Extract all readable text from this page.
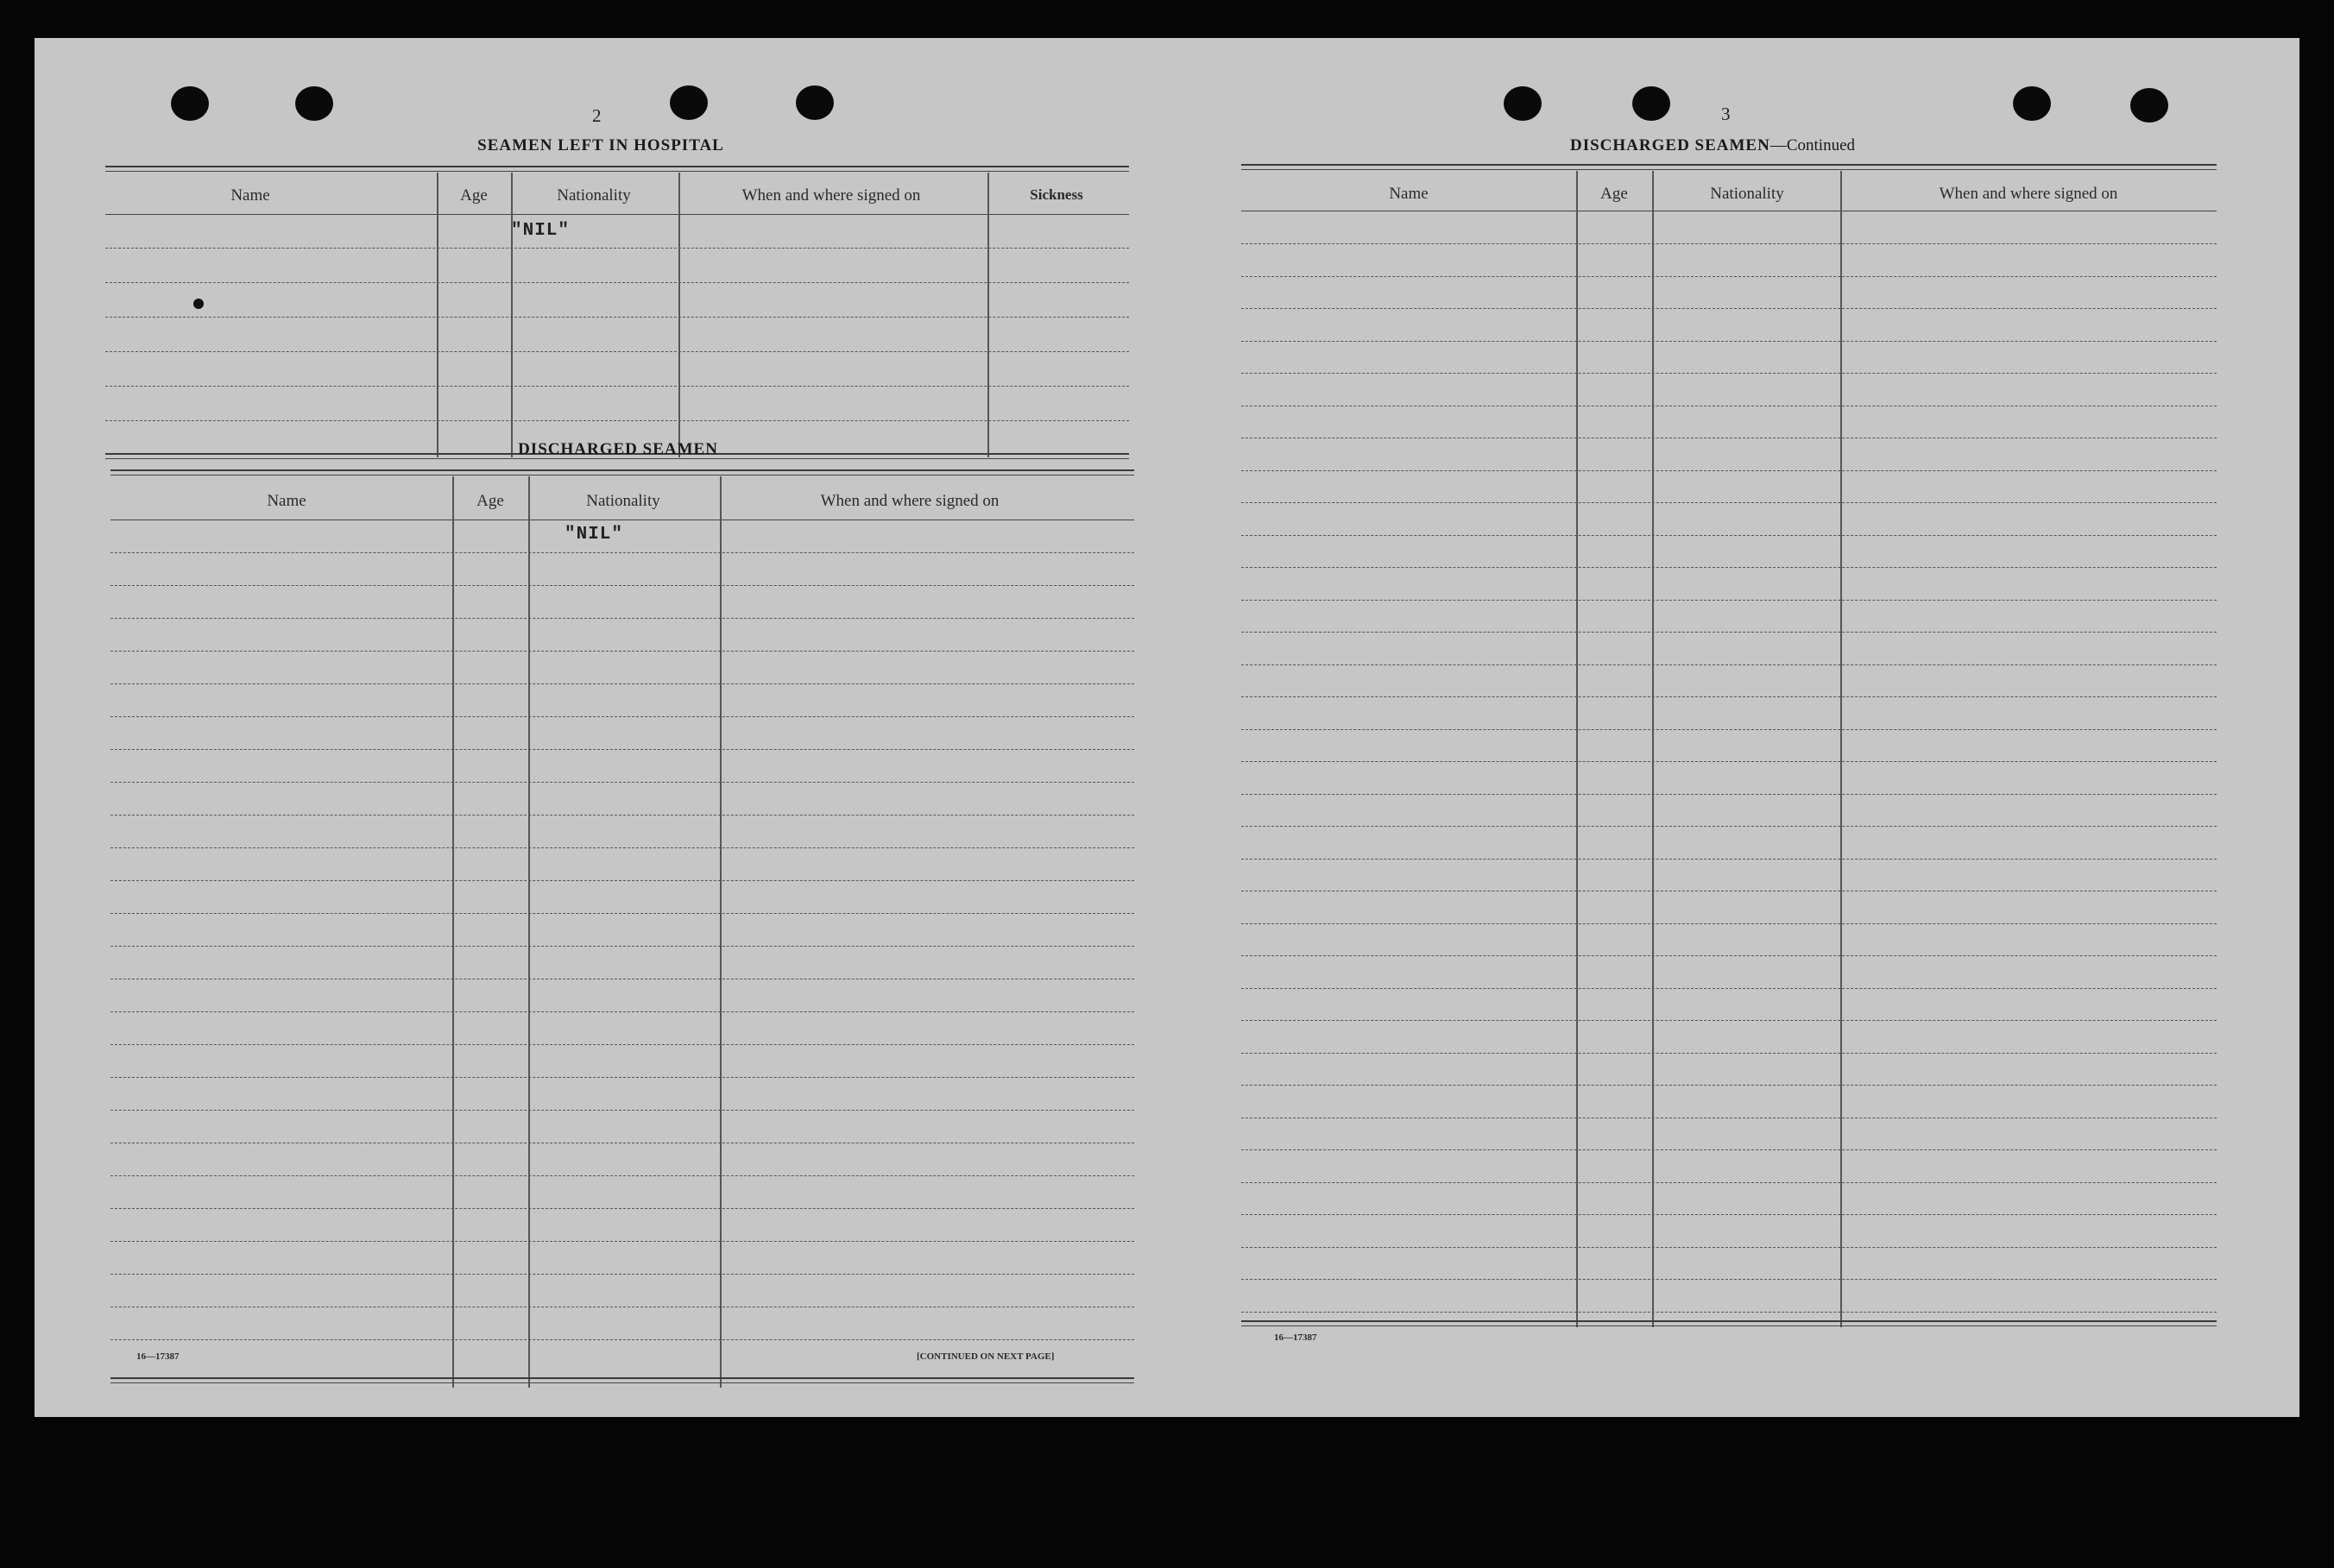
2
SEAMEN LEFT IN HOSPITAL
Name	Age	Nationality	When and where signed on	Sickness
"NIL"
DISCHARGED SEAMEN
Name	Age	Nationality	When and where signed on
"NIL"
16—17387	[CONTINUED ON NEXT PAGE]
3
DISCHARGED SEAMEN—Continued
Name	Age	Nationality	When and where signed on
16—17387
